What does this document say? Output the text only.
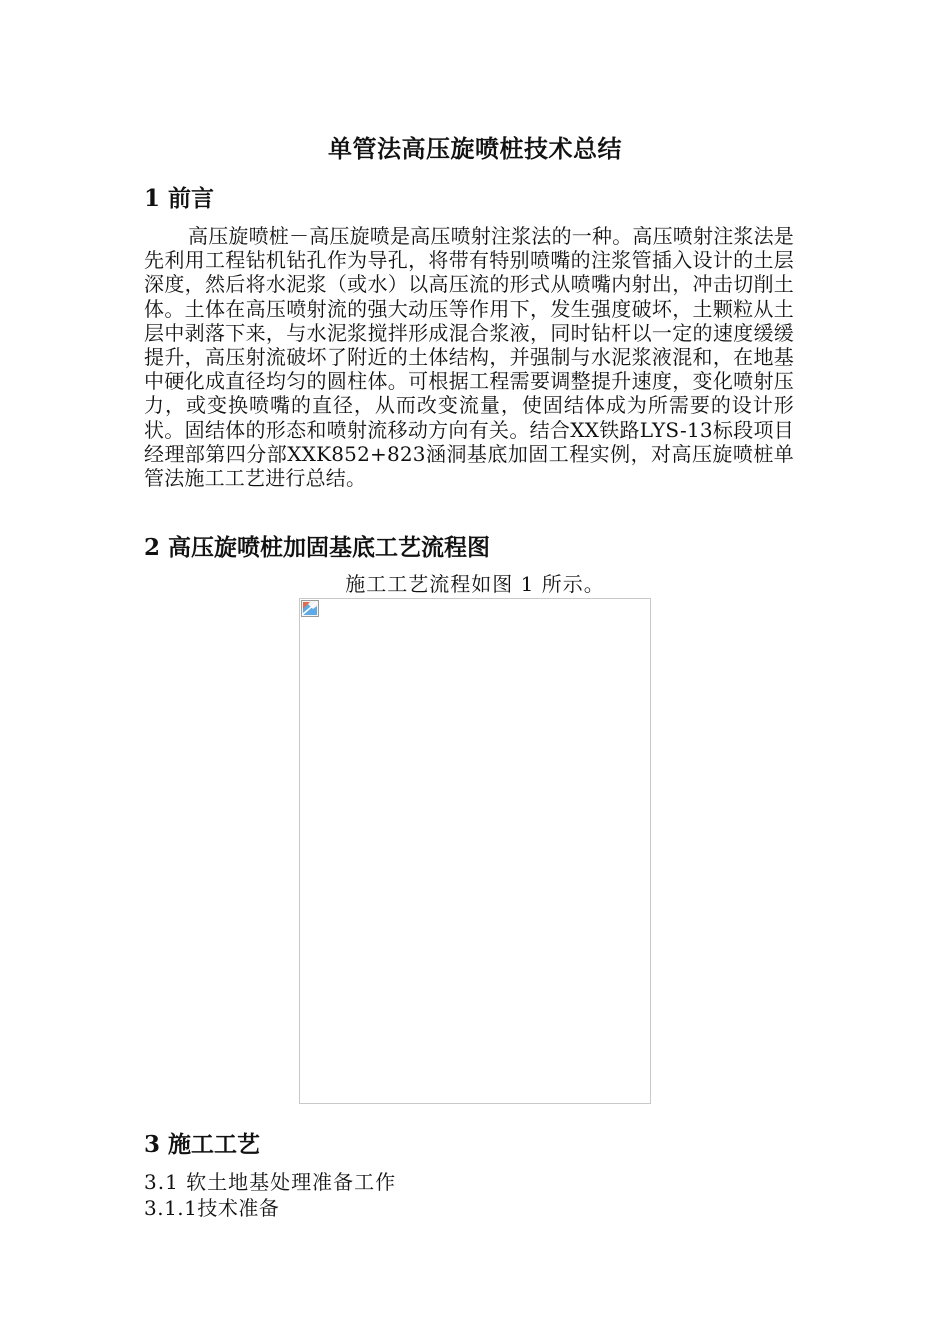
单管法高压旋喷桩技术总结
1 前言

高压旋喷桩－高压旋喷是高压喷射注浆法的一种。高压喷射注浆法是先利用工程钻机钻孔作为导孔，将带有特别喷嘴的注浆管插入设计的土层深度，然后将水泥浆（或水）以高压流的形式从喷嘴内射出，冲击切削土体。土体在高压喷射流的强大动压等作用下，发生强度破坏，土颗粒从土层中剥落下来，与水泥浆搅拌形成混合浆液，同时钻杆以一定的速度缓缓提升，高压射流破坏了附近的土体结构，并强制与水泥浆液混和，在地基中硬化成直径均匀的圆柱体。可根据工程需要调整提升速度，变化喷射压力，或变换喷嘴的直径，从而改变流量，使固结体成为所需要的设计形状。固结体的形态和喷射流移动方向有关。结合XX铁路LYS-13标段项目经理部第四分部XXK852+823涵洞基底加固工程实例，对高压旋喷桩单管法施工工艺进行总结。

2 高压旋喷桩加固基底工艺流程图
施工工艺流程如图 1 所示。
3 施工工艺

3.1 软土地基处理准备工作

3.1.1技术准备
